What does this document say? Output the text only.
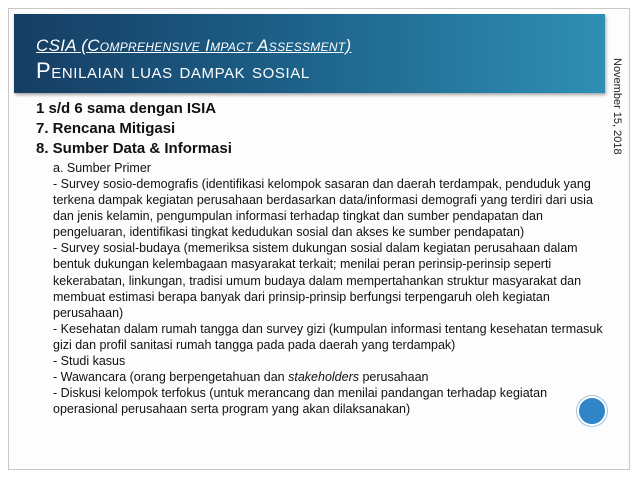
CSIA (Comprehensive Impact Assessment)
Penilaian luas dampak sosial	November 15, 2018
1 s/d 6 sama dengan ISIA
7. Rencana Mitigasi
8. Sumber Data & Informasi
a. Sumber Primer
- Survey sosio-demografis (identifikasi kelompok sasaran dan daerah terdampak, penduduk yang terkena dampak kegiatan perusahaan berdasarkan data/informasi demografi yang terdiri dari usia dan jenis kelamin, pengumpulan informasi terhadap tingkat dan sumber pendapatan dan pengeluaran, identifikasi tingkat kedudukan sosial dan akses ke sumber pendapatan)
- Survey sosial-budaya (memeriksa sistem dukungan sosial dalam kegiatan perusahaan dalam bentuk dukungan kelembagaan masyarakat terkait; menilai peran perinsip-perinsip seperti kekerabatan, linkungan, tradisi umum budaya dalam mempertahankan struktur masyarakat dan membuat estimasi berapa banyak dari prinsip-prinsip berfungsi terpengaruh oleh kegiatan perusahaan)
- Kesehatan dalam rumah tangga dan survey gizi (kumpulan informasi tentang kesehatan termasuk gizi dan profil sanitasi rumah tangga pada pada daerah yang terdampak)
- Studi kasus
- Wawancara (orang berpengetahuan dan stakeholders perusahaan
- Diskusi kelompok terfokus (untuk merancang dan menilai pandangan terhadap kegiatan operasional perusahaan serta program yang akan dilaksanakan)
